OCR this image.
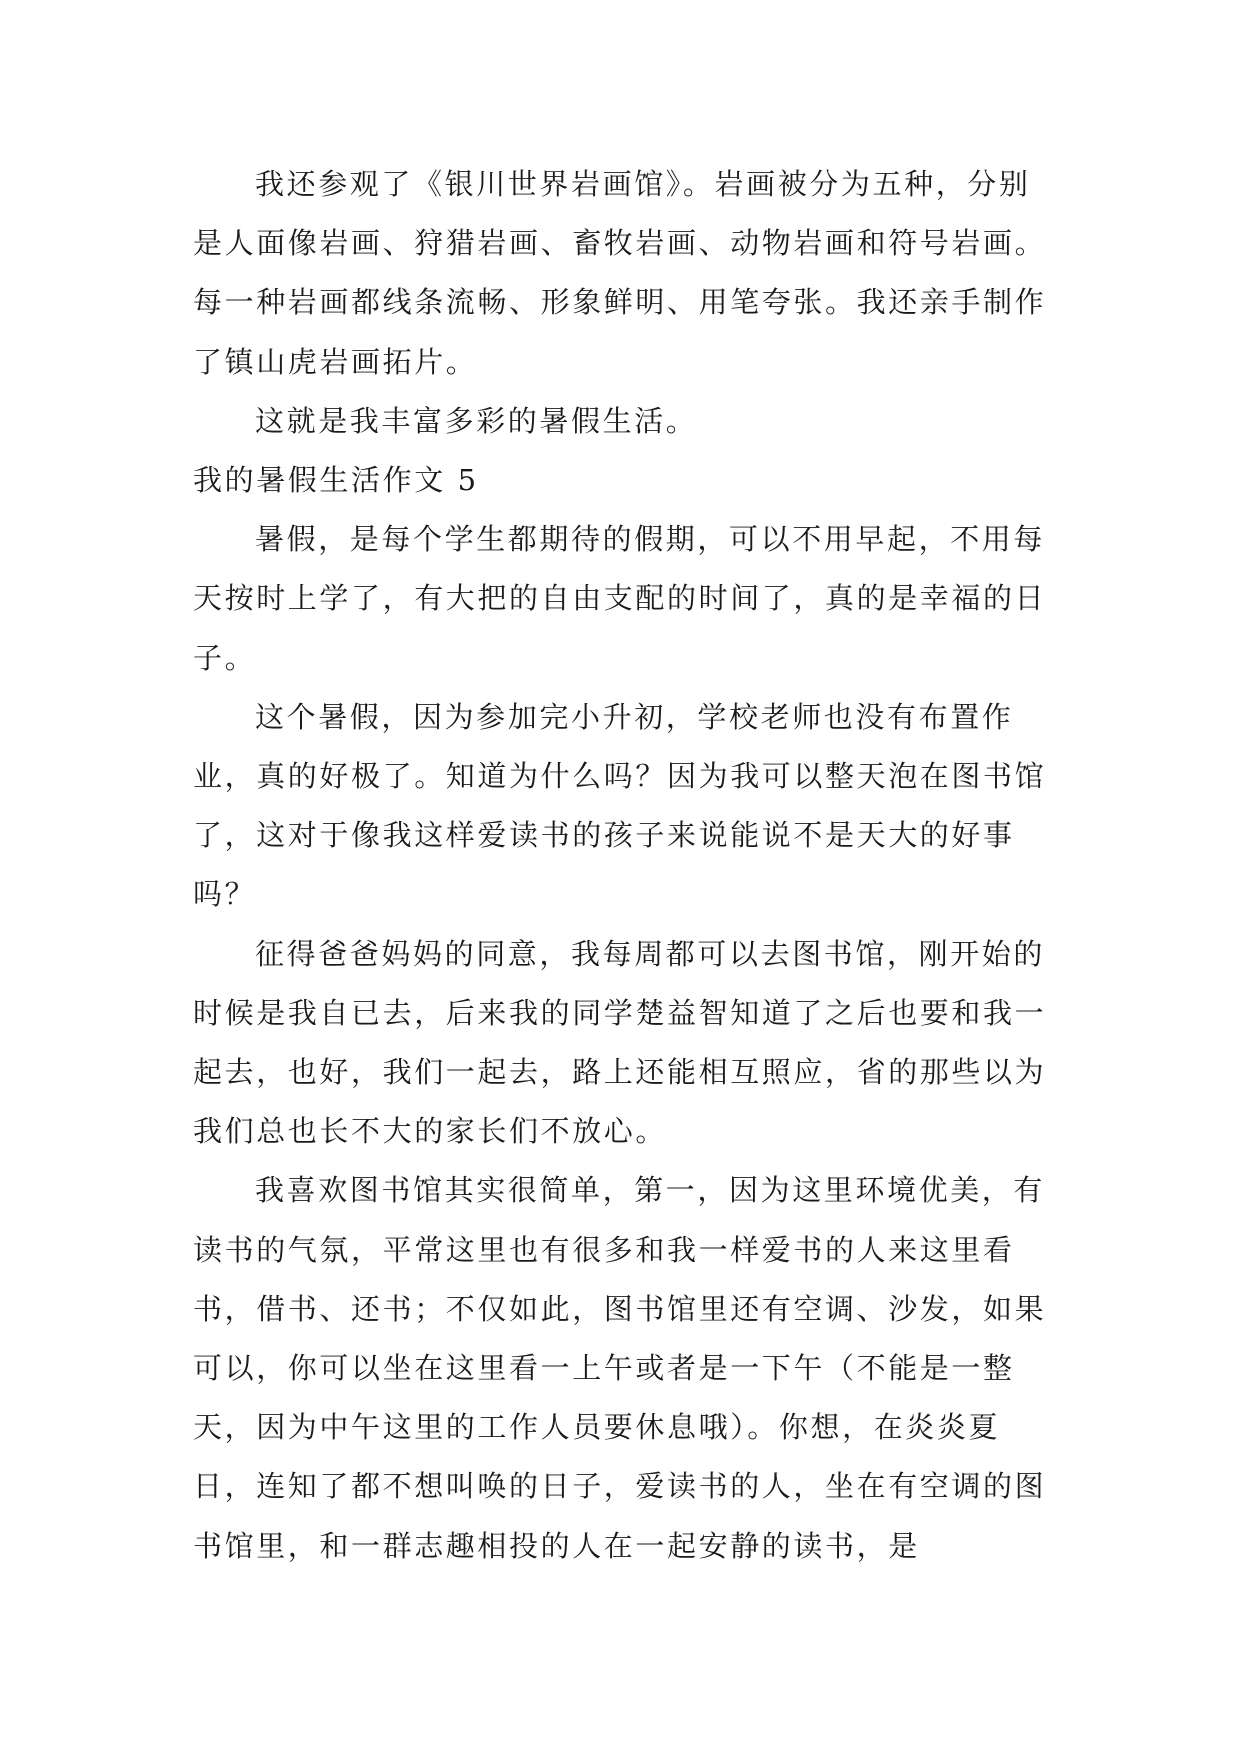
我还参观了《银川世界岩画馆》。岩画被分为五种，分别是人面像岩画、狩猎岩画、畜牧岩画、动物岩画和符号岩画。每一种岩画都线条流畅、形象鲜明、用笔夸张。我还亲手制作了镇山虎岩画拓片。

这就是我丰富多彩的暑假生活。

我的暑假生活作文 5

暑假，是每个学生都期待的假期，可以不用早起，不用每天按时上学了，有大把的自由支配的时间了，真的是幸福的日子。

这个暑假，因为参加完小升初，学校老师也没有布置作业，真的好极了。知道为什么吗？因为我可以整天泡在图书馆了，这对于像我这样爱读书的孩子来说能说不是天大的好事吗？

征得爸爸妈妈的同意，我每周都可以去图书馆，刚开始的时候是我自已去，后来我的同学楚益智知道了之后也要和我一起去，也好，我们一起去，路上还能相互照应，省的那些以为我们总也长不大的家长们不放心。

我喜欢图书馆其实很简单，第一，因为这里环境优美，有读书的气氛，平常这里也有很多和我一样爱书的人来这里看书，借书、还书；不仅如此，图书馆里还有空调、沙发，如果可以，你可以坐在这里看一上午或者是一下午（不能是一整天，因为中午这里的工作人员要休息哦）。你想，在炎炎夏日，连知了都不想叫唤的日子，爱读书的人，坐在有空调的图书馆里，和一群志趣相投的人在一起安静的读书，是
